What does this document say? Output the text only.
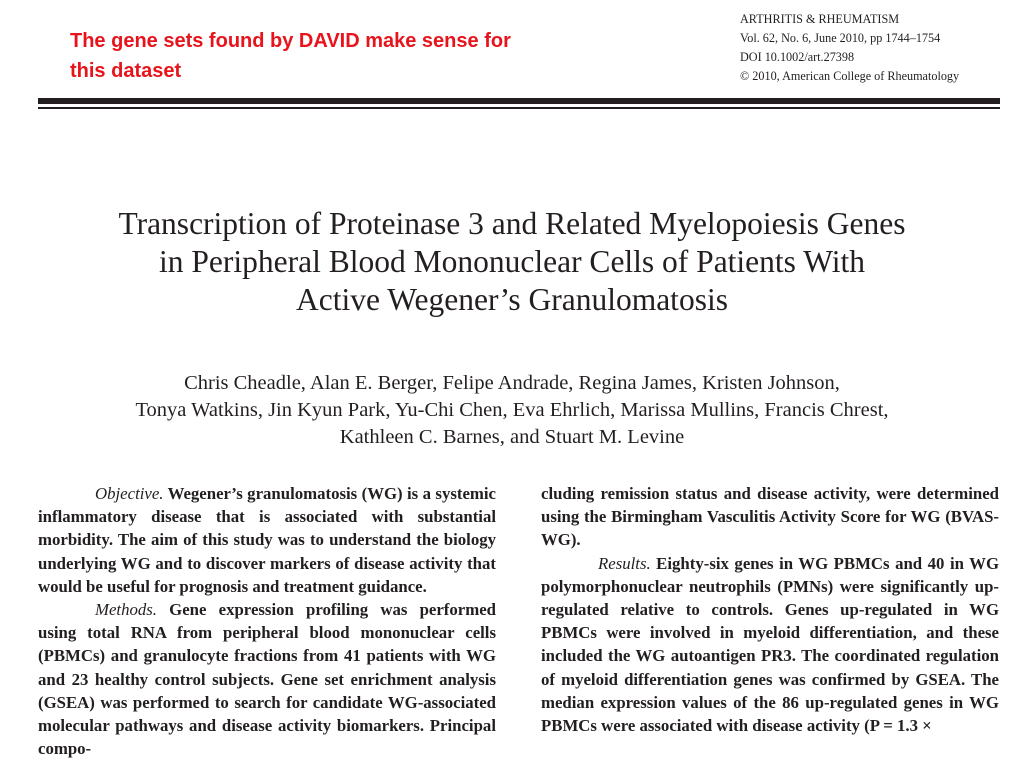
The gene sets found by DAVID make sense for
this dataset
ARTHRITIS & RHEUMATISM
Vol. 62, No. 6, June 2010, pp 1744–1754
DOI 10.1002/art.27398
© 2010, American College of Rheumatology
Transcription of Proteinase 3 and Related Myelopoiesis Genes
in Peripheral Blood Mononuclear Cells of Patients With
Active Wegener’s Granulomatosis
Chris Cheadle, Alan E. Berger, Felipe Andrade, Regina James, Kristen Johnson,
Tonya Watkins, Jin Kyun Park, Yu-Chi Chen, Eva Ehrlich, Marissa Mullins, Francis Chrest,
Kathleen C. Barnes, and Stuart M. Levine

Objective. Wegener’s granulomatosis (WG) is a systemic inflammatory disease that is associated with substantial morbidity. The aim of this study was to understand the biology underlying WG and to discover markers of disease activity that would be useful for prognosis and treatment guidance.

Methods. Gene expression profiling was performed using total RNA from peripheral blood mononuclear cells (PBMCs) and granulocyte fractions from 41 patients with WG and 23 healthy control subjects. Gene set enrichment analysis (GSEA) was performed to search for candidate WG-associated molecular pathways and disease activity biomarkers. Principal compo-

cluding remission status and disease activity, were determined using the Birmingham Vasculitis Activity Score for WG (BVAS-WG).

Results. Eighty-six genes in WG PBMCs and 40 in WG polymorphonuclear neutrophils (PMNs) were significantly up-regulated relative to controls. Genes up-regulated in WG PBMCs were involved in myeloid differentiation, and these included the WG autoantigen PR3. The coordinated regulation of myeloid differentiation genes was confirmed by GSEA. The median expression values of the 86 up-regulated genes in WG PBMCs were associated with disease activity (P = 1.3 ×
